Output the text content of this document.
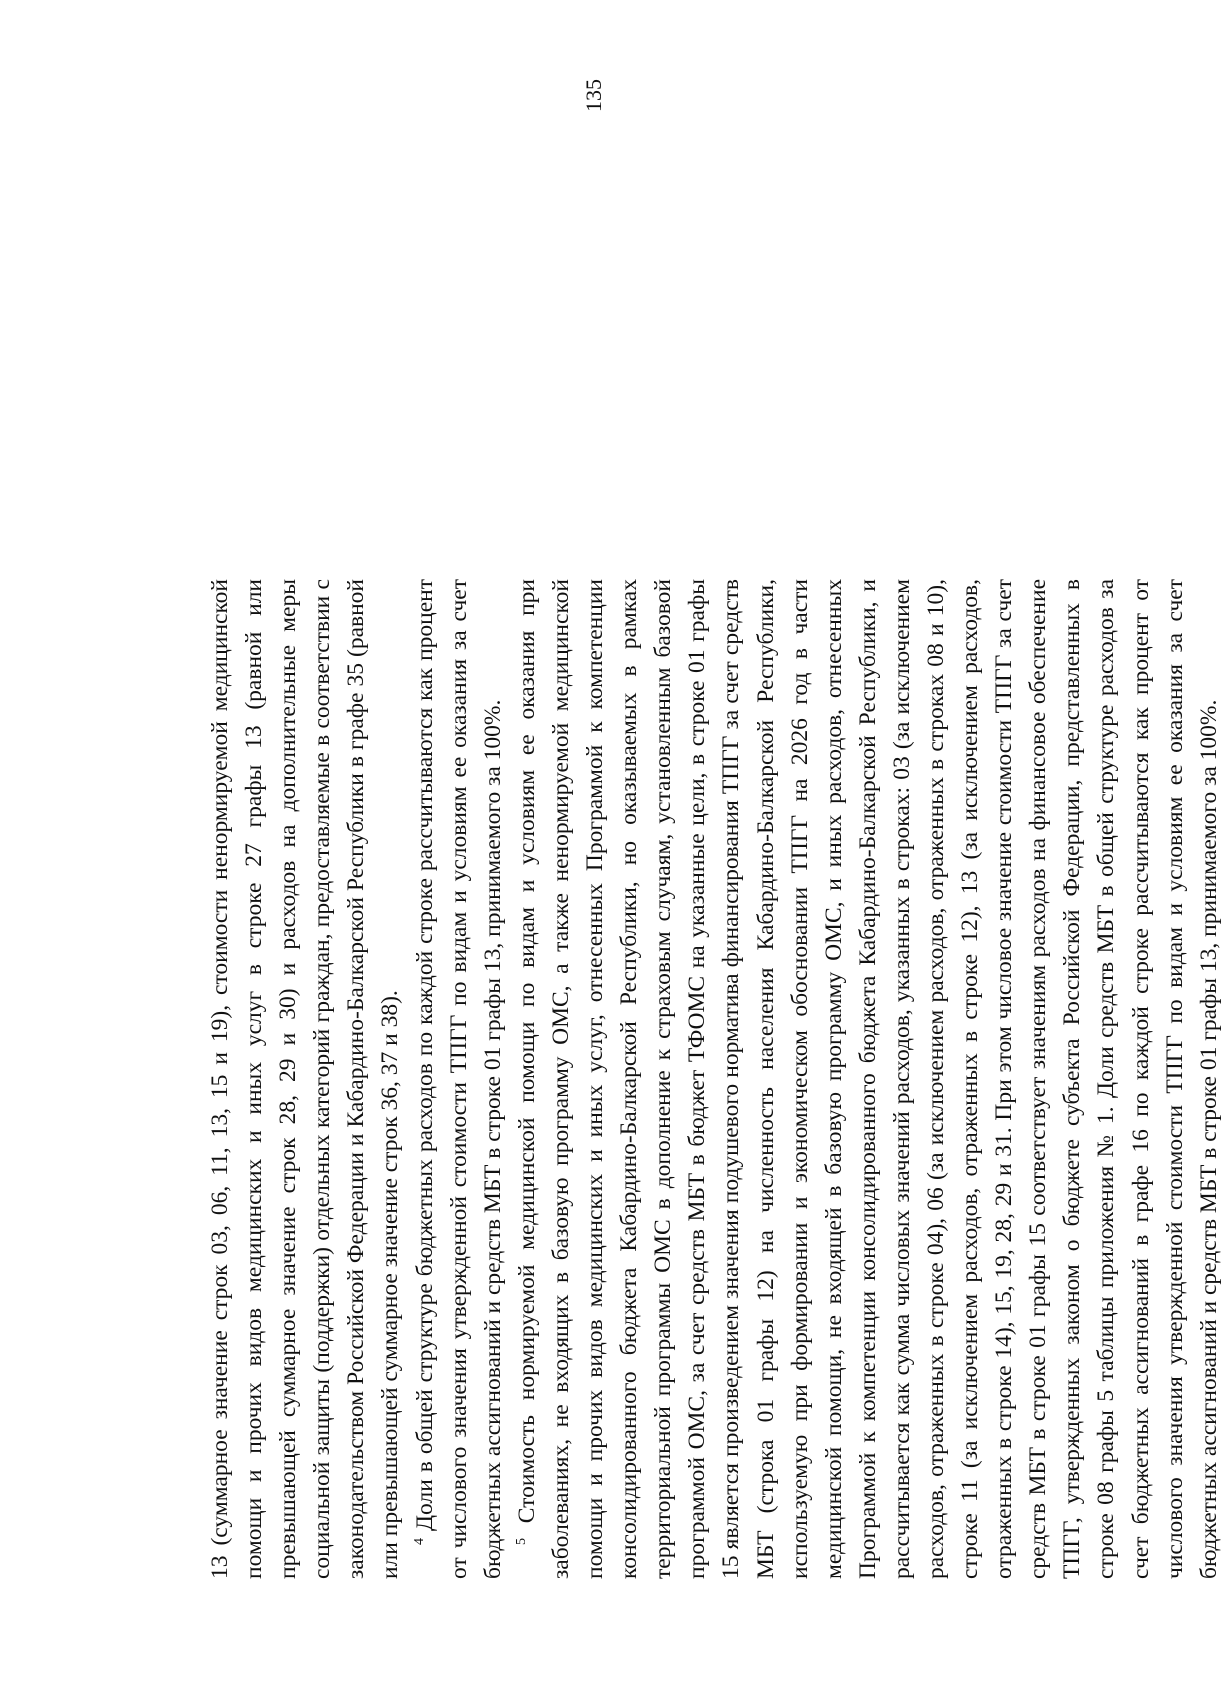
135

13 (суммарное значение строк 03, 06, 11, 13, 15 и 19), стоимости ненормируемой медицинской помощи и прочих видов медицинских и иных услуг в строке 27 графы 13 (равной или превышающей суммарное значение строк 28, 29 и 30) и расходов на дополнительные меры социальной защиты (поддержки) отдельных категорий граждан, предоставляемые в соответствии с законодательством Российской Федерации и Кабардино-Балкарской Республики в графе 35 (равной или превышающей суммарное значение строк 36, 37 и 38). $^4$ Доли в общей структуре бюджетных расходов по каждой строке рассчитываются как процент от числового значения утвержденной стоимости ТПГГ по видам и условиям ее оказания за счет бюджетных ассигнований и средств МБТ в строке 01 графы 13, принимаемого за 100%. $^5$ Стоимость нормируемой медицинской помощи по видам и условиям ее оказания при заболеваниях, не входящих в базовую программу ОМС, а также ненормируемой медицинской помощи и прочих видов медицинских и иных услуг, отнесенных Программой к компетенции консолидированного бюджета Кабардино-Балкарской Республики, но оказываемых в рамках территориальной программы ОМС в дополнение к страховым случаям, установленным базовой программой ОМС, за счет средств МБТ в бюджет ТФОМС на указанные цели, в строке 01 графы 15 является произведением значения подушевого норматива финансирования ТПГГ за счет средств МБТ (строка 01 графы 12) на численность населения Кабардино-Балкарской Республики, используемую при формировании и экономическом обосновании ТПГГ на 2026 год в части медицинской помощи, не входящей в базовую программу ОМС, и иных расходов, отнесенных Программой к компетенции консолидированного бюджета Кабардино-Балкарской Республики, и рассчитывается как сумма числовых значений расходов, указанных в строках: 03 (за исключением расходов, отраженных в строке 04), 06 (за исключением расходов, отраженных в строках 08 и 10), строке 11 (за исключением расходов, отраженных в строке 12), 13 (за исключением расходов, отраженных в строке 14), 15, 19, 28, 29 и 31. При этом числовое значение стоимости ТПГГ за счет средств МБТ в строке 01 графы 15 соответствует значениям расходов на финансовое обеспечение ТПГГ, утвержденных законом о бюджете субъекта Российской Федерации, представленных в строке 08 графы 5 таблицы приложения № 1. Доли средств МБТ в общей структуре расходов за счет бюджетных ассигнований в графе 16 по каждой строке рассчитываются как процент от числового значения утвержденной стоимости ТПГГ по видам и условиям ее оказания за счет бюджетных ассигнований и средств МБТ в строке 01 графы 13, принимаемого за 100%.
